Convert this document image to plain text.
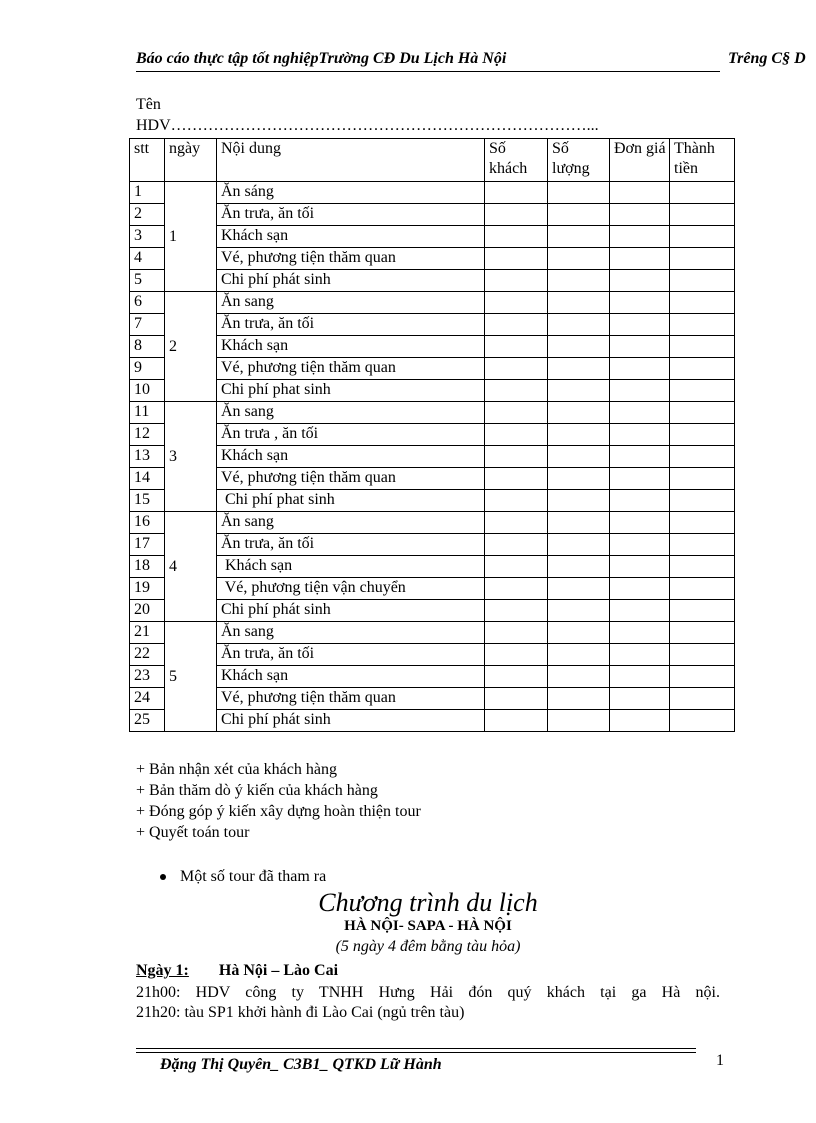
Báo cáo thực tập tốt nghiệpTrường CĐ Du Lịch Hà Nội	Trêng C§ D
Tên
HDV……………………………………………………………………...
stt	ngày	Nội dung	Số khách	Số lượng	Đơn giá	Thành tiền
1	1	Ăn sáng				
2		Ăn trưa, ăn tối				
3		Khách sạn				
4		Vé, phương tiện thăm quan				
5		Chi phí phát sinh				
6	2	Ăn sang				
7		Ăn trưa, ăn tối				
8		Khách sạn				
9		Vé, phương tiện thăm quan				
10		Chi phí phat sinh				
11	3	Ăn sang				
12		Ăn trưa , ăn tối				
13		Khách sạn				
14		Vé, phương tiện thăm quan				
15		Chi phí phat sinh				
16	4	Ăn sang				
17		Ăn trưa, ăn tối				
18		Khách sạn				
19		Vé, phương tiện vận chuyển				
20		Chi phí phát sinh				
21	5	Ăn sang				
22		Ăn trưa, ăn tối				
23		Khách sạn				
24		Vé, phương tiện thăm quan				
25		Chi phí phát sinh				
+ Bản nhận xét của khách hàng
+ Bản thăm dò ý kiến của khách hàng
+ Đóng góp ý kiến xây dựng hoàn thiện tour
+ Quyết toán tour
Một số tour đã tham ra
Chương trình du lịch
HÀ NỘI- SAPA - HÀ NỘI
(5 ngày 4 đêm bằng tàu hỏa)
Ngày 1: Hà Nội – Lào Cai
21h00: HDV công ty TNHH Hưng Hải đón quý khách tại ga Hà nội.
21h20: tàu SP1 khởi hành đi Lào Cai (ngủ trên tàu)
Đặng Thị Quyên_ C3B1_ QTKD Lữ Hành	1
